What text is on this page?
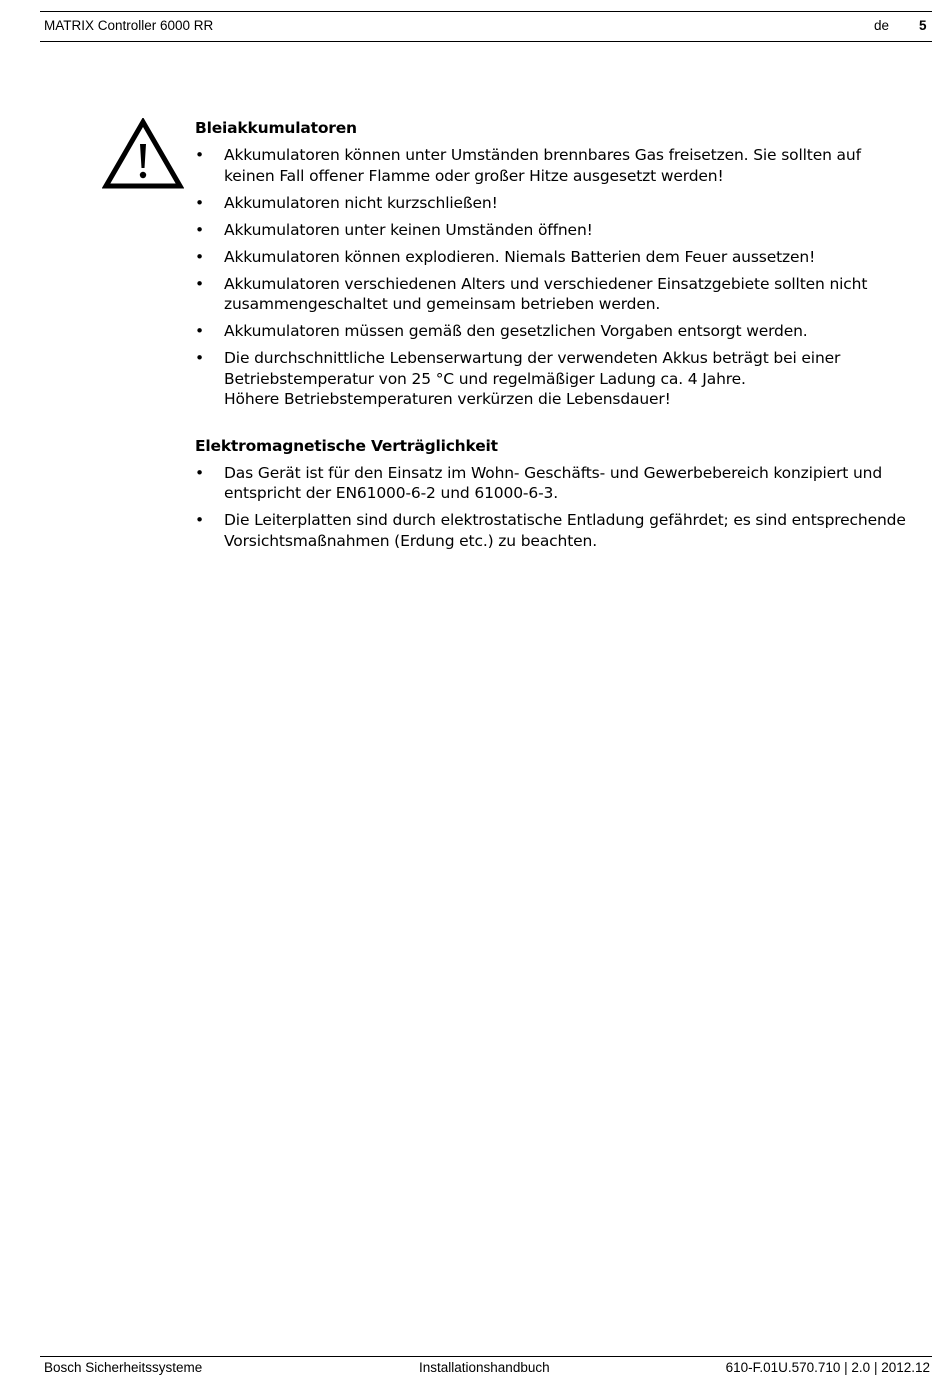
MATRIX Controller 6000 RR	de 5
Bleiakkumulatoren
• Akkumulatoren können unter Umständen brennbares Gas freisetzen. Sie sollten auf
keinen Fall offener Flamme oder großer Hitze ausgesetzt werden!
• Akkumulatoren nicht kurzschließen!
• Akkumulatoren unter keinen Umständen öffnen!
• Akkumulatoren können explodieren. Niemals Batterien dem Feuer aussetzen!
• Akkumulatoren verschiedenen Alters und verschiedener Einsatzgebiete sollten nicht
zusammengeschaltet und gemeinsam betrieben werden.
• Akkumulatoren müssen gemäß den gesetzlichen Vorgaben entsorgt werden.
• Die durchschnittliche Lebenserwartung der verwendeten Akkus beträgt bei einer
Betriebstemperatur von 25 °C und regelmäßiger Ladung ca. 4 Jahre.
Höhere Betriebstemperaturen verkürzen die Lebensdauer!
Elektromagnetische Verträglichkeit
• Das Gerät ist für den Einsatz im Wohn- Geschäfts- und Gewerbebereich konzipiert und
entspricht der EN61000-6-2 und 61000-6-3.
• Die Leiterplatten sind durch elektrostatische Entladung gefährdet; es sind entsprechende
Vorsichtsmaßnahmen (Erdung etc.) zu beachten.
Bosch Sicherheitssysteme	Installationshandbuch	610-F.01U.570.710 | 2.0 | 2012.12
